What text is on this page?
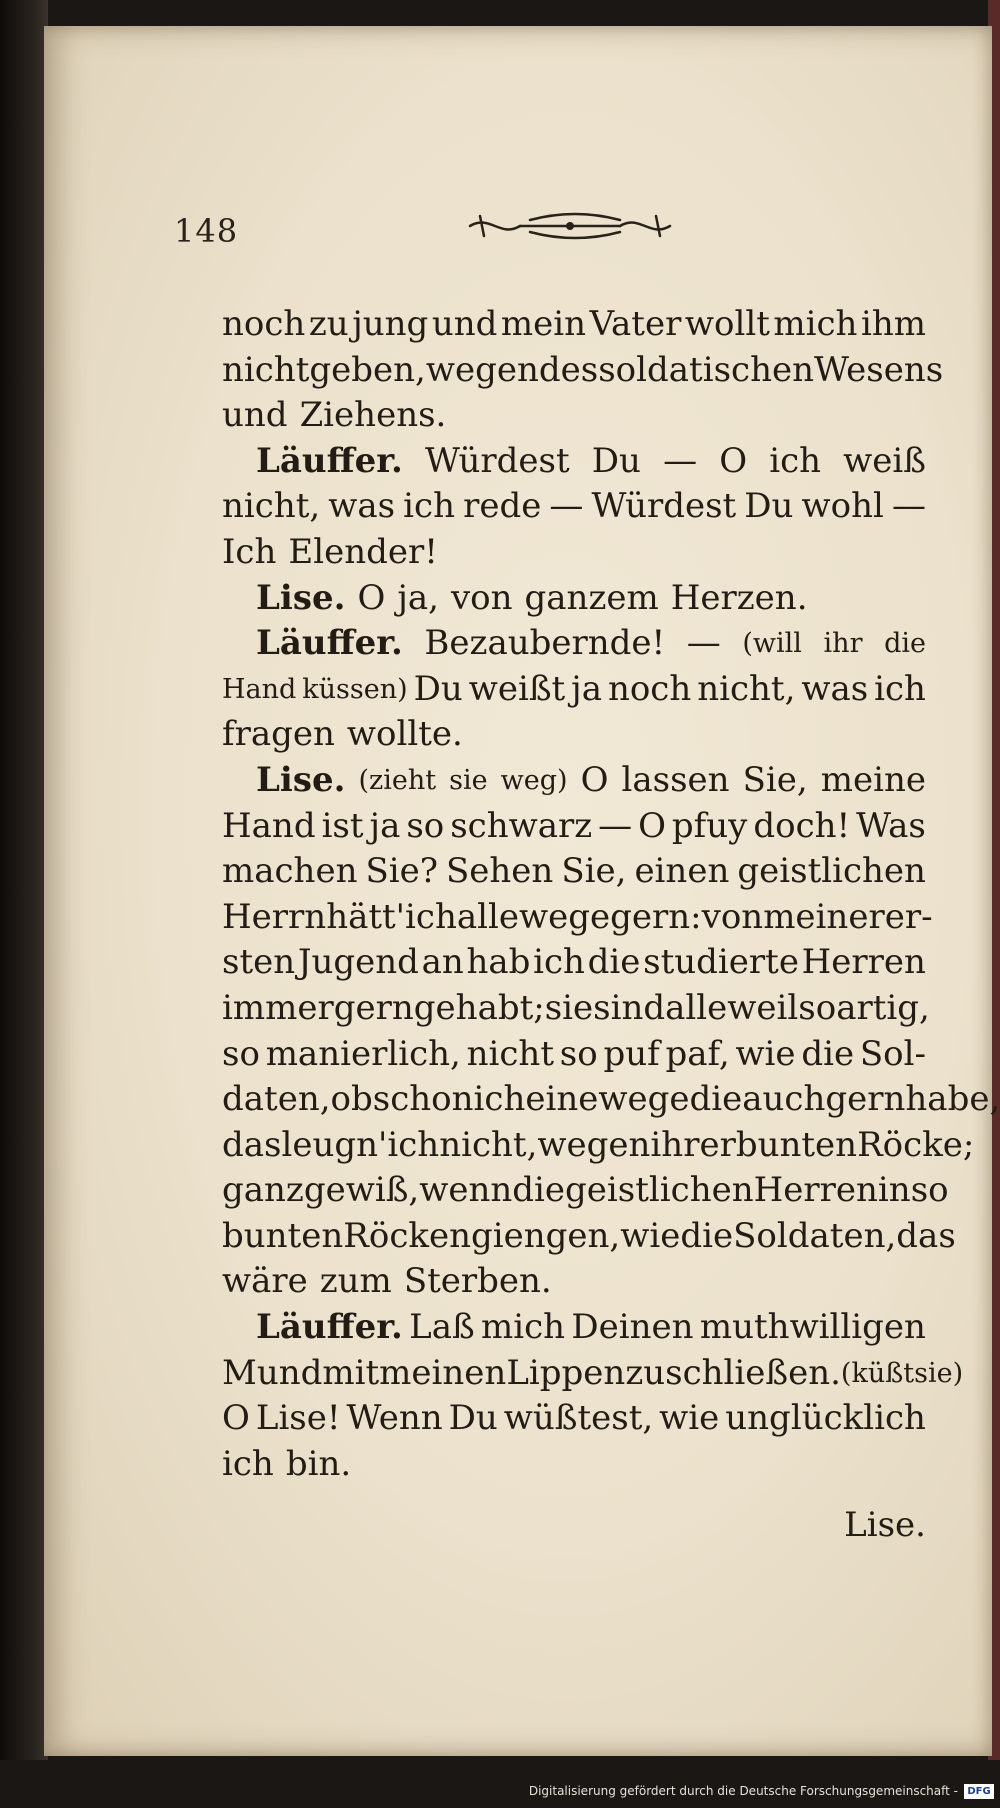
148
noch zu jung und mein Vater wollt mich ihm
nicht geben, wegen des soldatischen Wesens
und Ziehens.
Läuffer. Würdest Du — O ich weiß
nicht, was ich rede — Würdest Du wohl —
Ich Elender!
Lise. O ja, von ganzem Herzen.
Läuffer. Bezaubernde! — (will ihr die
Hand küssen) Du weißt ja noch nicht, was ich
fragen wollte.
Lise. (zieht sie weg) O lassen Sie, meine
Hand ist ja so schwarz — O pfuy doch! Was
machen Sie? Sehen Sie, einen geistlichen
Herrn hätt' ich allewege gern: von meiner er-
sten Jugend an hab ich die studierte Herren
immer gern gehabt; sie sind alleweil so artig,
so manierlich, nicht so puf paf, wie die Sol-
daten, obschon ich einewege die auch gern habe,
das leugn' ich nicht, wegen ihrer bunten Röcke;
ganz gewiß, wenn die geistlichen Herren in so
bunten Röcken giengen, wie die Soldaten, das
wäre zum Sterben.
Läuffer. Laß mich Deinen muthwilligen
Mund mit meinen Lippen zuschließen. (küßt sie)
O Lise! Wenn Du wüßtest, wie unglücklich
ich bin.
Lise.
Digitalisierung gefördert durch die Deutsche Forschungsgemeinschaft - DFG
